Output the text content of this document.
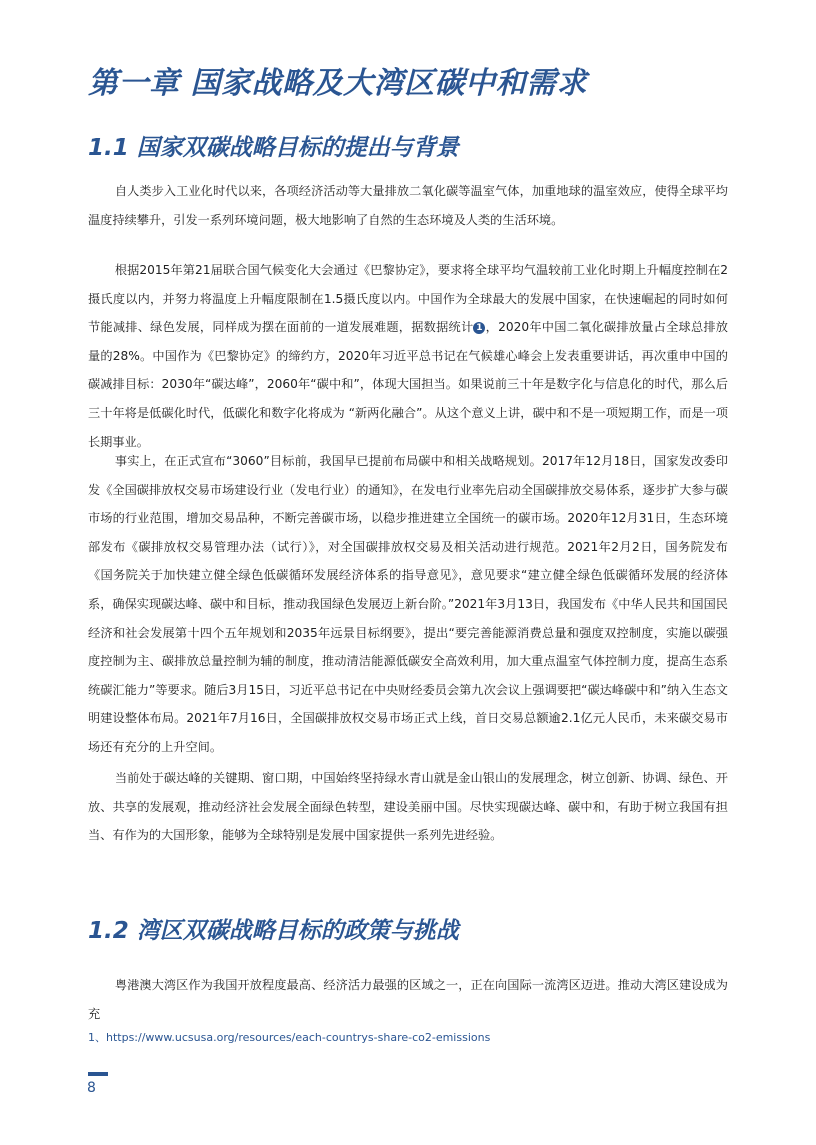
第一章 国家战略及大湾区碳中和需求
1.1 国家双碳战略目标的提出与背景
自人类步入工业化时代以来，各项经济活动等大量排放二氧化碳等温室气体，加重地球的温室效应，使得全球平均温度持续攀升，引发一系列环境问题，极大地影响了自然的生态环境及人类的生活环境。
根据2015年第21届联合国气候变化大会通过《巴黎协定》，要求将全球平均气温较前工业化时期上升幅度控制在2摄氏度以内，并努力将温度上升幅度限制在1.5摄氏度以内。中国作为全球最大的发展中国家，在快速崛起的同时如何节能减排、绿色发展，同样成为摆在面前的一道发展难题，据数据统计 1 ，2020年中国二氧化碳排放量占全球总排放量的28%。中国作为《巴黎协定》的缔约方，2020年习近平总书记在气候雄心峰会上发表重要讲话，再次重申中国的碳减排目标：2030年“碳达峰”，2060年“碳中和”，体现大国担当。如果说前三十年是数字化与信息化的时代，那么后三十年将是低碳化时代，低碳化和数字化将成为 “新两化融合”。从这个意义上讲，碳中和不是一项短期工作，而是一项长期事业。
事实上，在正式宣布“3060”目标前，我国早已提前布局碳中和相关战略规划。2017年12月18日，国家发改委印发《全国碳排放权交易市场建设行业（发电行业）的通知》，在发电行业率先启动全国碳排放交易体系，逐步扩大参与碳市场的行业范围，增加交易品种，不断完善碳市场，以稳步推进建立全国统一的碳市场。2020年12月31日，生态环境部发布《碳排放权交易管理办法（试行）》，对全国碳排放权交易及相关活动进行规范。2021年2月2日，国务院发布《国务院关于加快建立健全绿色低碳循环发展经济体系的指导意见》，意见要求“建立健全绿色低碳循环发展的经济体系，确保实现碳达峰、碳中和目标，推动我国绿色发展迈上新台阶。”2021年3月13日，我国发布《中华人民共和国国民经济和社会发展第十四个五年规划和2035年远景目标纲要》，提出“要完善能源消费总量和强度双控制度，实施以碳强度控制为主、碳排放总量控制为辅的制度，推动清洁能源低碳安全高效利用，加大重点温室气体控制力度，提高生态系统碳汇能力”等要求。随后3月15日，习近平总书记在中央财经委员会第九次会议上强调要把“碳达峰碳中和”纳入生态文明建设整体布局。2021年7月16日，全国碳排放权交易市场正式上线，首日交易总额逾2.1亿元人民币，未来碳交易市场还有充分的上升空间。
当前处于碳达峰的关键期、窗口期，中国始终坚持绿水青山就是金山银山的发展理念，树立创新、协调、绿色、开放、共享的发展观，推动经济社会发展全面绿色转型，建设美丽中国。尽快实现碳达峰、碳中和，有助于树立我国有担当、有作为的大国形象，能够为全球特别是发展中国家提供一系列先进经验。
1.2 湾区双碳战略目标的政策与挑战
粤港澳大湾区作为我国开放程度最高、经济活力最强的区域之一，正在向国际一流湾区迈进。推动大湾区建设成为充
1、https://www.ucsusa.org/resources/each-countrys-share-co2-emissions
8
